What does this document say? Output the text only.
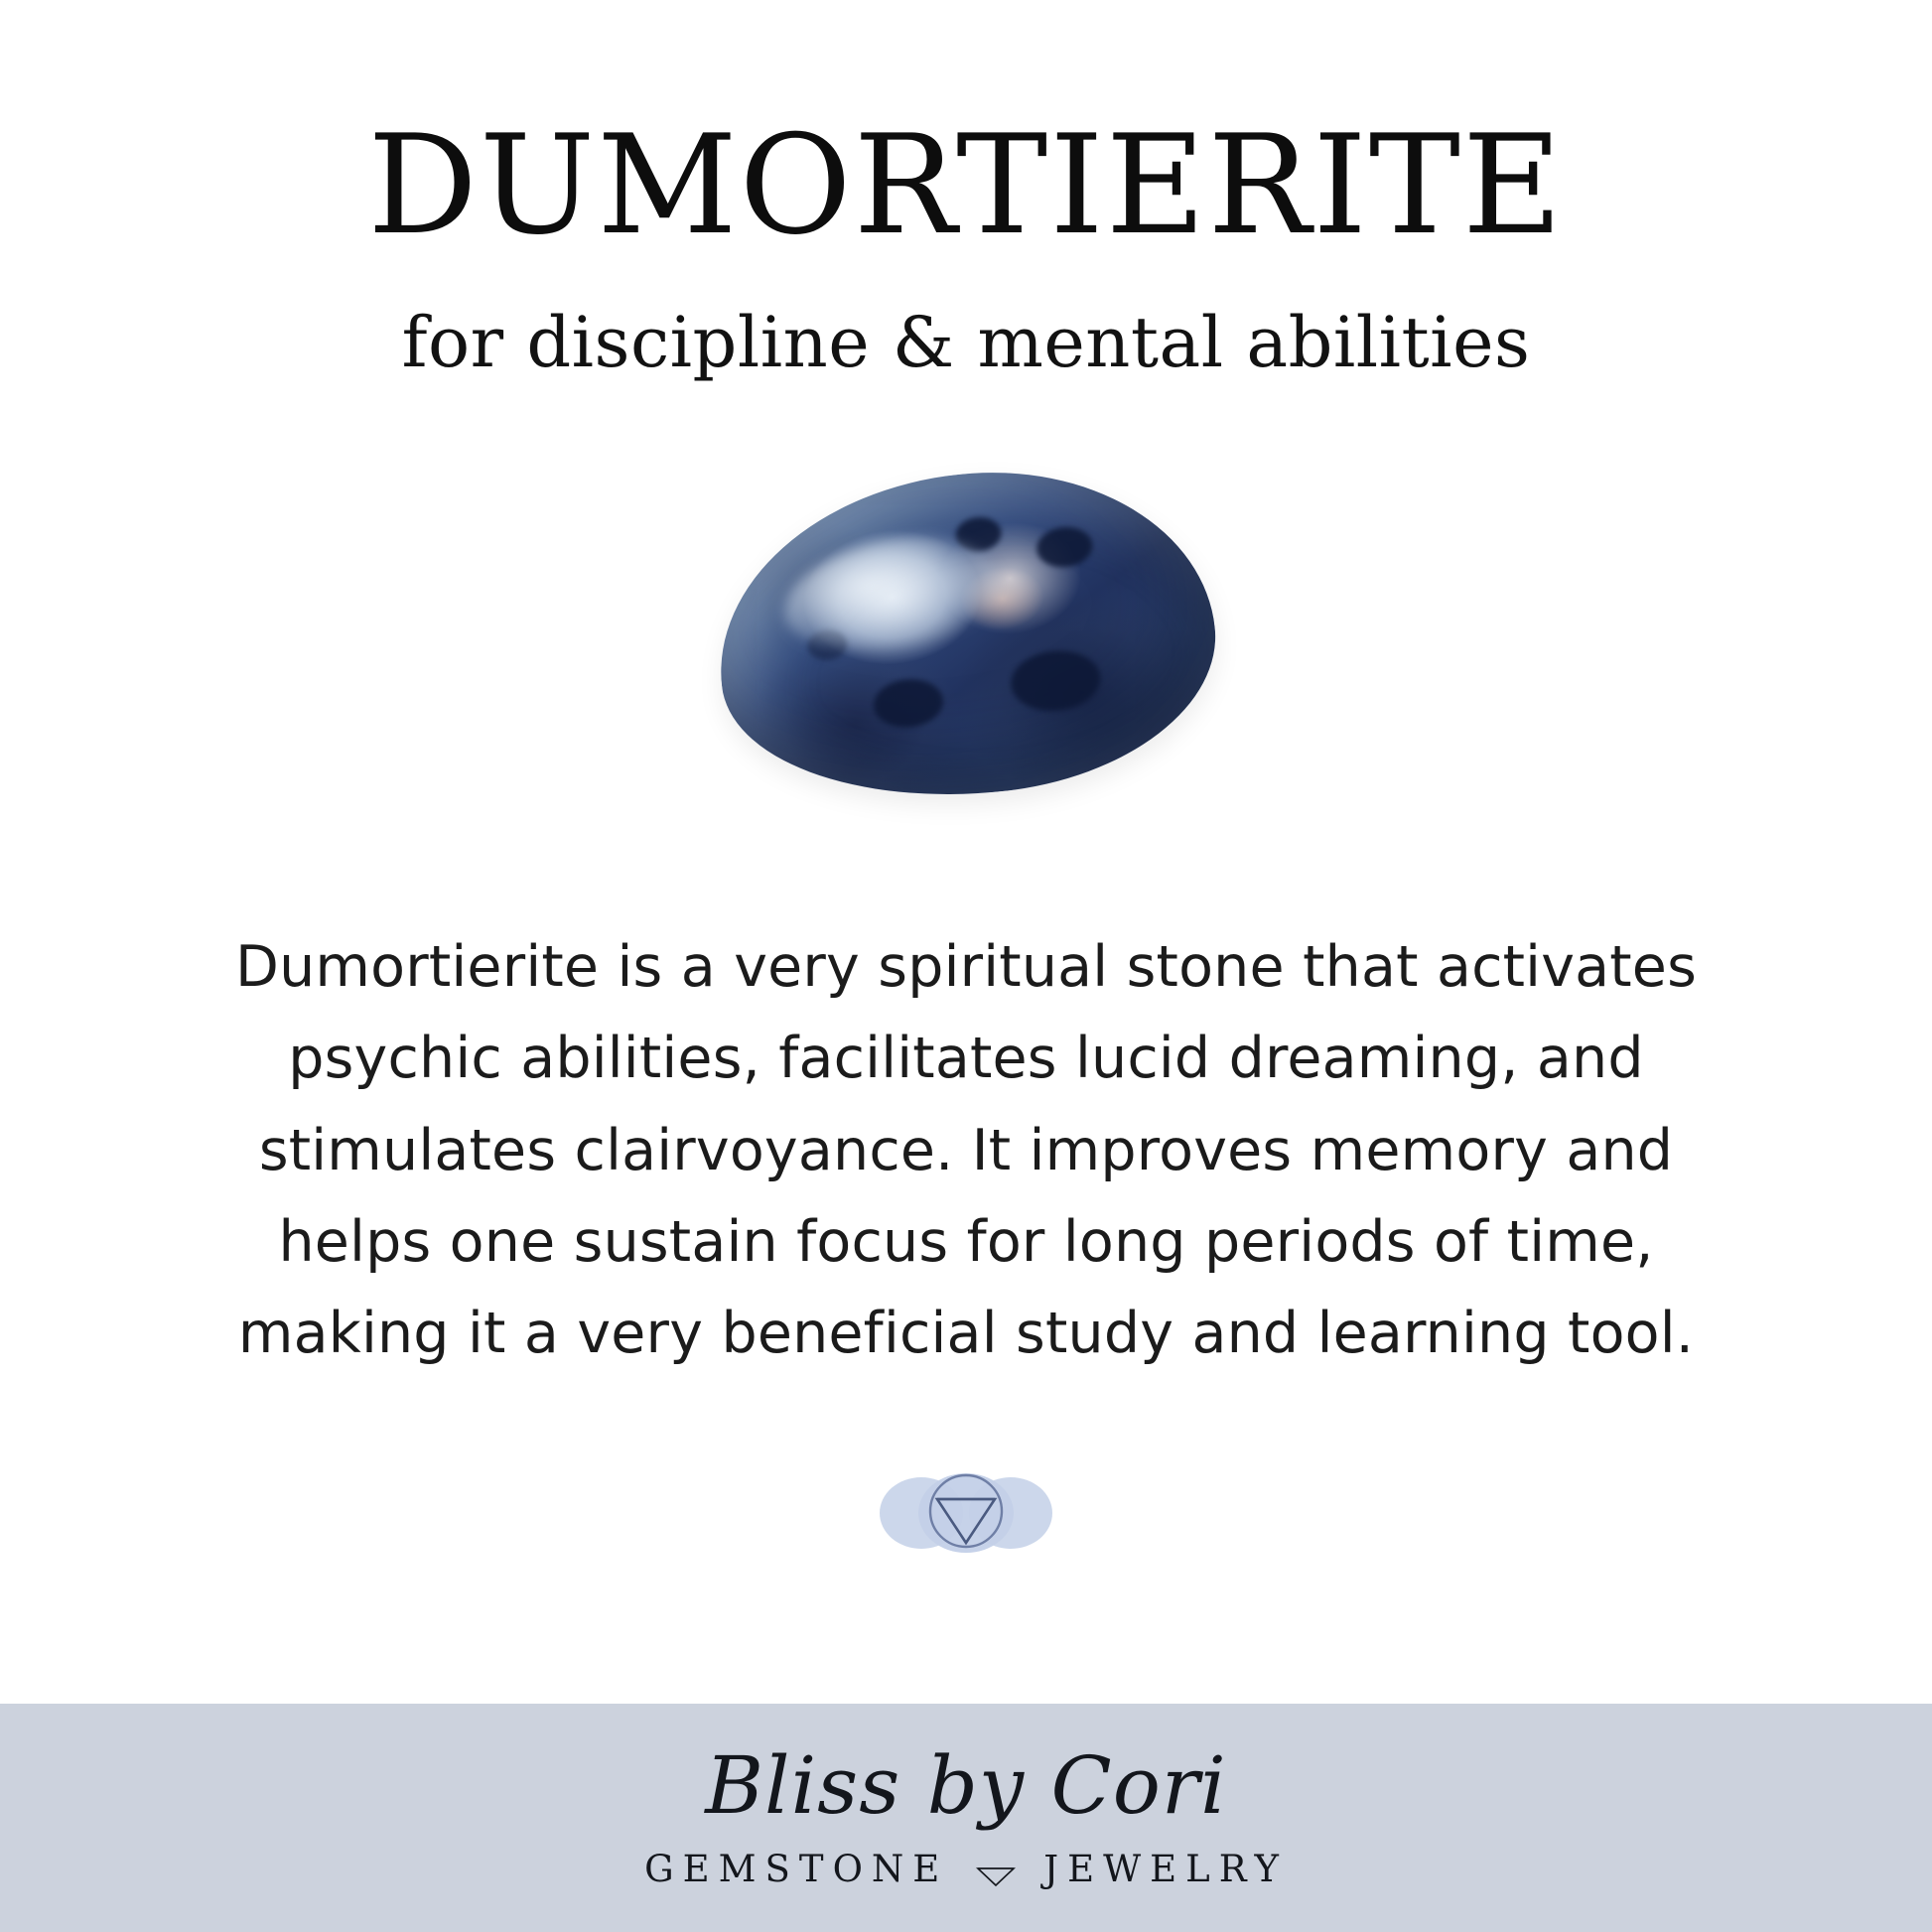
DUMORTIERITE
for discipline & mental abilities
Dumortierite is a very spiritual stone that activates psychic abilities, facilitates lucid dreaming, and stimulates clairvoyance. It improves memory and helps one sustain focus for long periods of time, making it a very beneficial study and learning tool.
Bliss by Cori
GEMSTONE	JEWELRY
